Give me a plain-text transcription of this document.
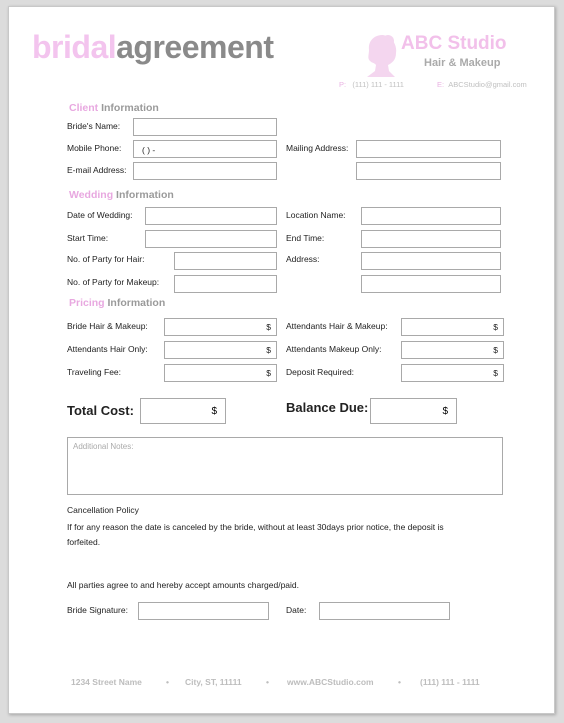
bridalagreement	ABC Studio
Hair & Makeup
P: (111) 111 - 1111	E: ABCStudio@gmail.com
Client Information
Bride's Name:
Mobile Phone: ( ) -	Mailing Address:
E-mail Address:
Wedding Information
Date of Wedding:	Location Name:
Start Time:	End Time:
No. of Party for Hair:	Address:
No. of Party for Makeup:
Pricing Information
Bride Hair & Makeup:	$ Attendants Hair & Makeup:	$
Attendants Hair Only:	$ Attendants Makeup Only:	$
Traveling Fee:	$ Deposit Required:	$
Total Cost:	$	Balance Due:	$
Additional Notes:
Cancellation Policy
If for any reason the date is canceled by the bride, without at least 30days prior notice, the deposit is
forfeited.
All parties agree to and hereby accept amounts charged/paid.
Bride Signature:	Date:
1234 Street Name	• City, ST, 11111	• www.ABCStudio.com	• (111) 111 - 1111
